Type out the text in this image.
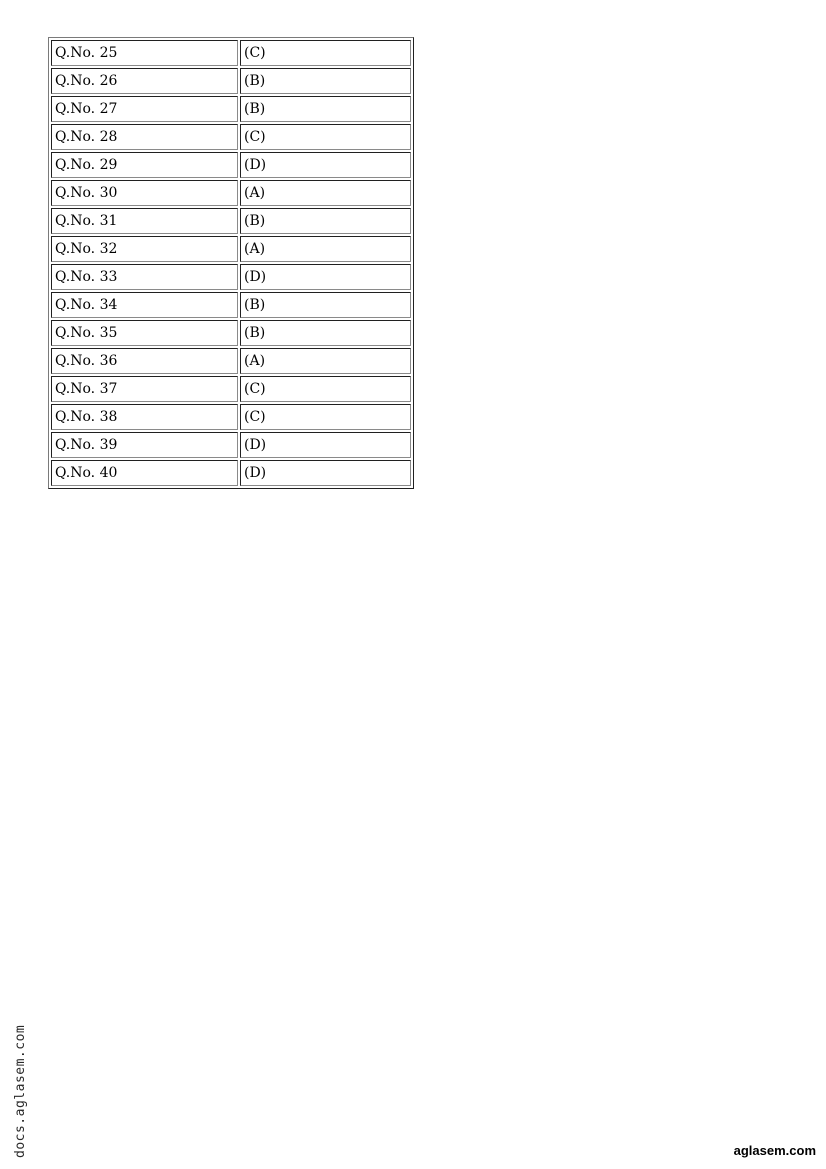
Q.No. 25	(C)
Q.No. 26	(B)
Q.No. 27	(B)
Q.No. 28	(C)
Q.No. 29	(D)
Q.No. 30	(A)
Q.No. 31	(B)
Q.No. 32	(A)
Q.No. 33	(D)
Q.No. 34	(B)
Q.No. 35	(B)
Q.No. 36	(A)
Q.No. 37	(C)
Q.No. 38	(C)
Q.No. 39	(D)
Q.No. 40	(D)
docs.aglasem.com	aglasem.com
